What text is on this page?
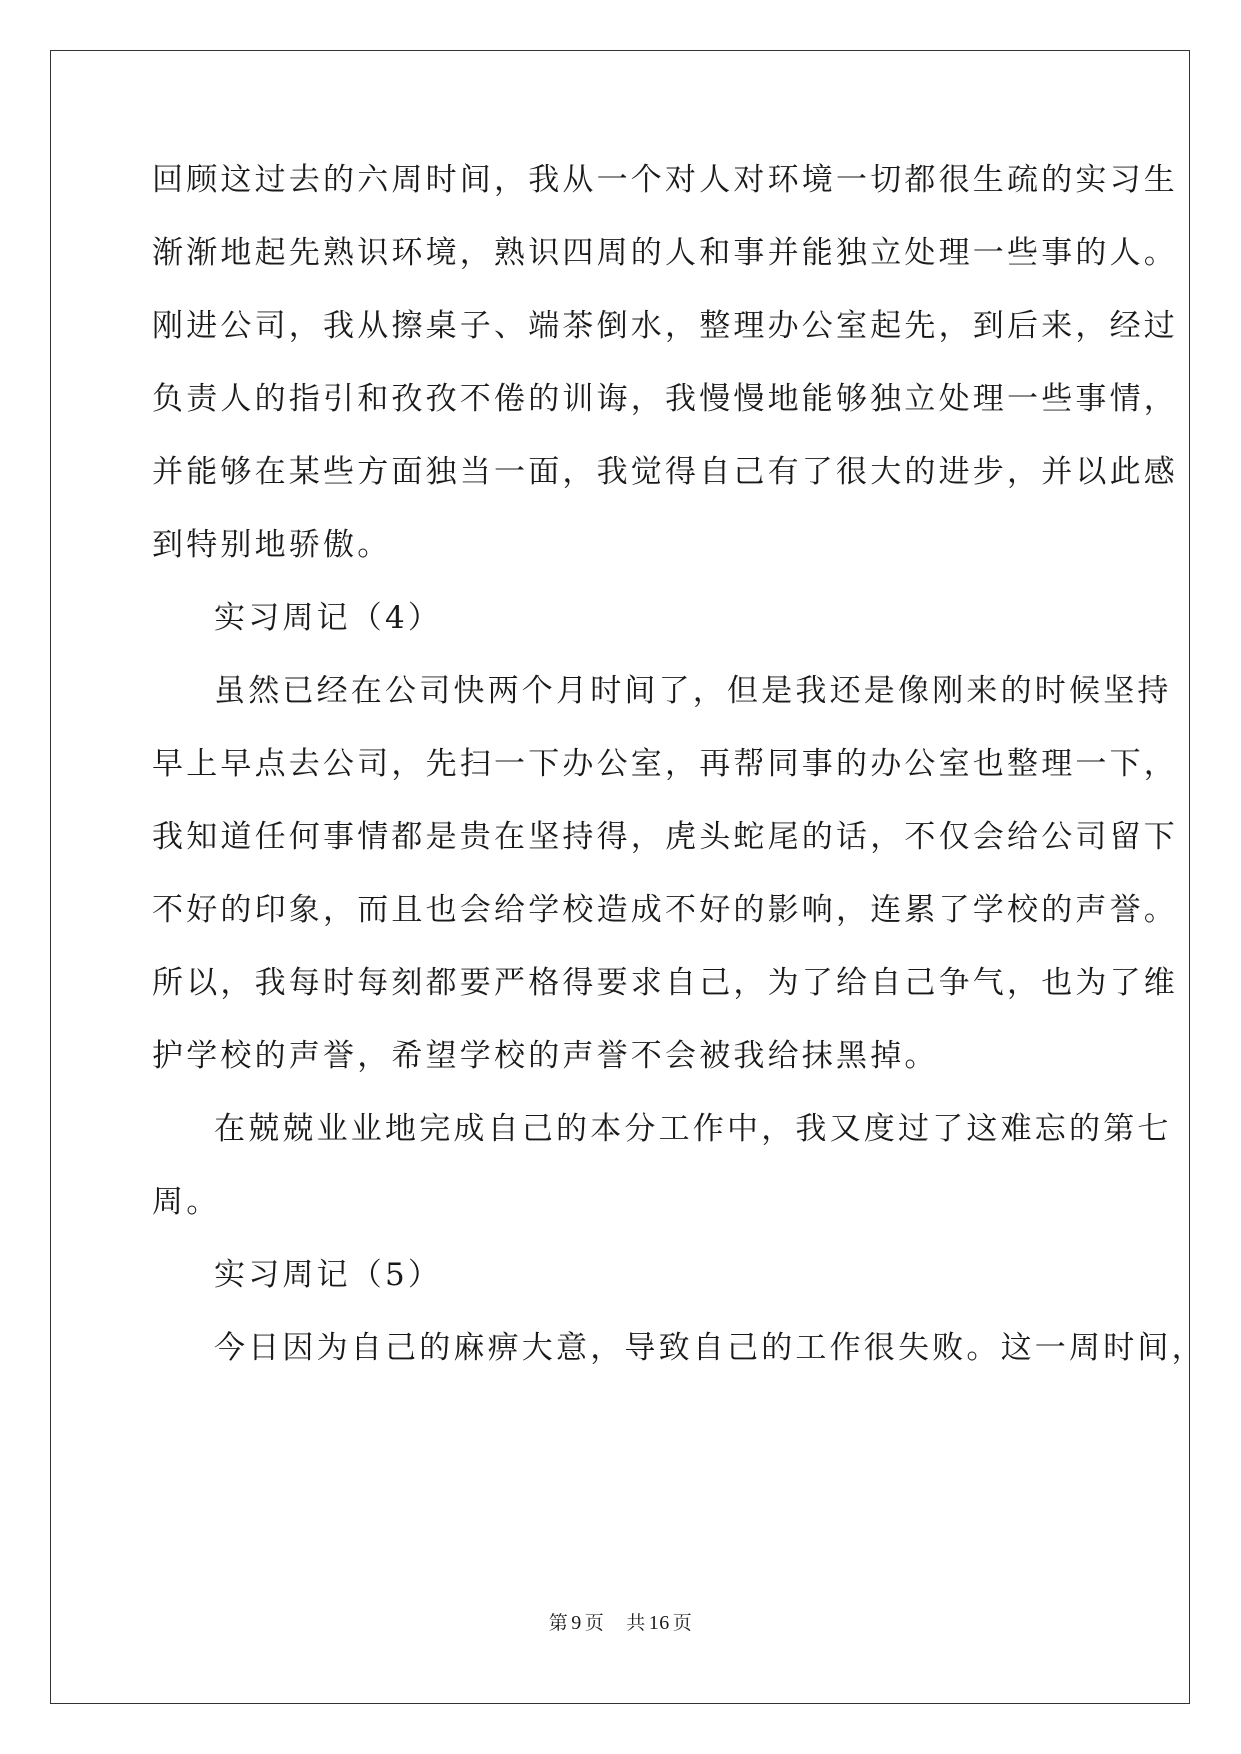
回顾这过去的六周时间，我从一个对人对环境一切都很生疏的实习生
渐渐地起先熟识环境，熟识四周的人和事并能独立处理一些事的人。
刚进公司，我从擦桌子、端茶倒水，整理办公室起先，到后来，经过
负责人的指引和孜孜不倦的训诲，我慢慢地能够独立处理一些事情，
并能够在某些方面独当一面，我觉得自己有了很大的进步，并以此感
到特别地骄傲。
实习周记（4）
虽然已经在公司快两个月时间了，但是我还是像刚来的时候坚持
早上早点去公司，先扫一下办公室，再帮同事的办公室也整理一下，
我知道任何事情都是贵在坚持得，虎头蛇尾的话，不仅会给公司留下
不好的印象，而且也会给学校造成不好的影响，连累了学校的声誉。
所以，我每时每刻都要严格得要求自己，为了给自己争气，也为了维
护学校的声誉，希望学校的声誉不会被我给抹黑掉。
在兢兢业业地完成自己的本分工作中，我又度过了这难忘的第七
周。
实习周记（5）
今日因为自己的麻痹大意，导致自己的工作很失败。这一周时间，
第 9 页 共 16 页
